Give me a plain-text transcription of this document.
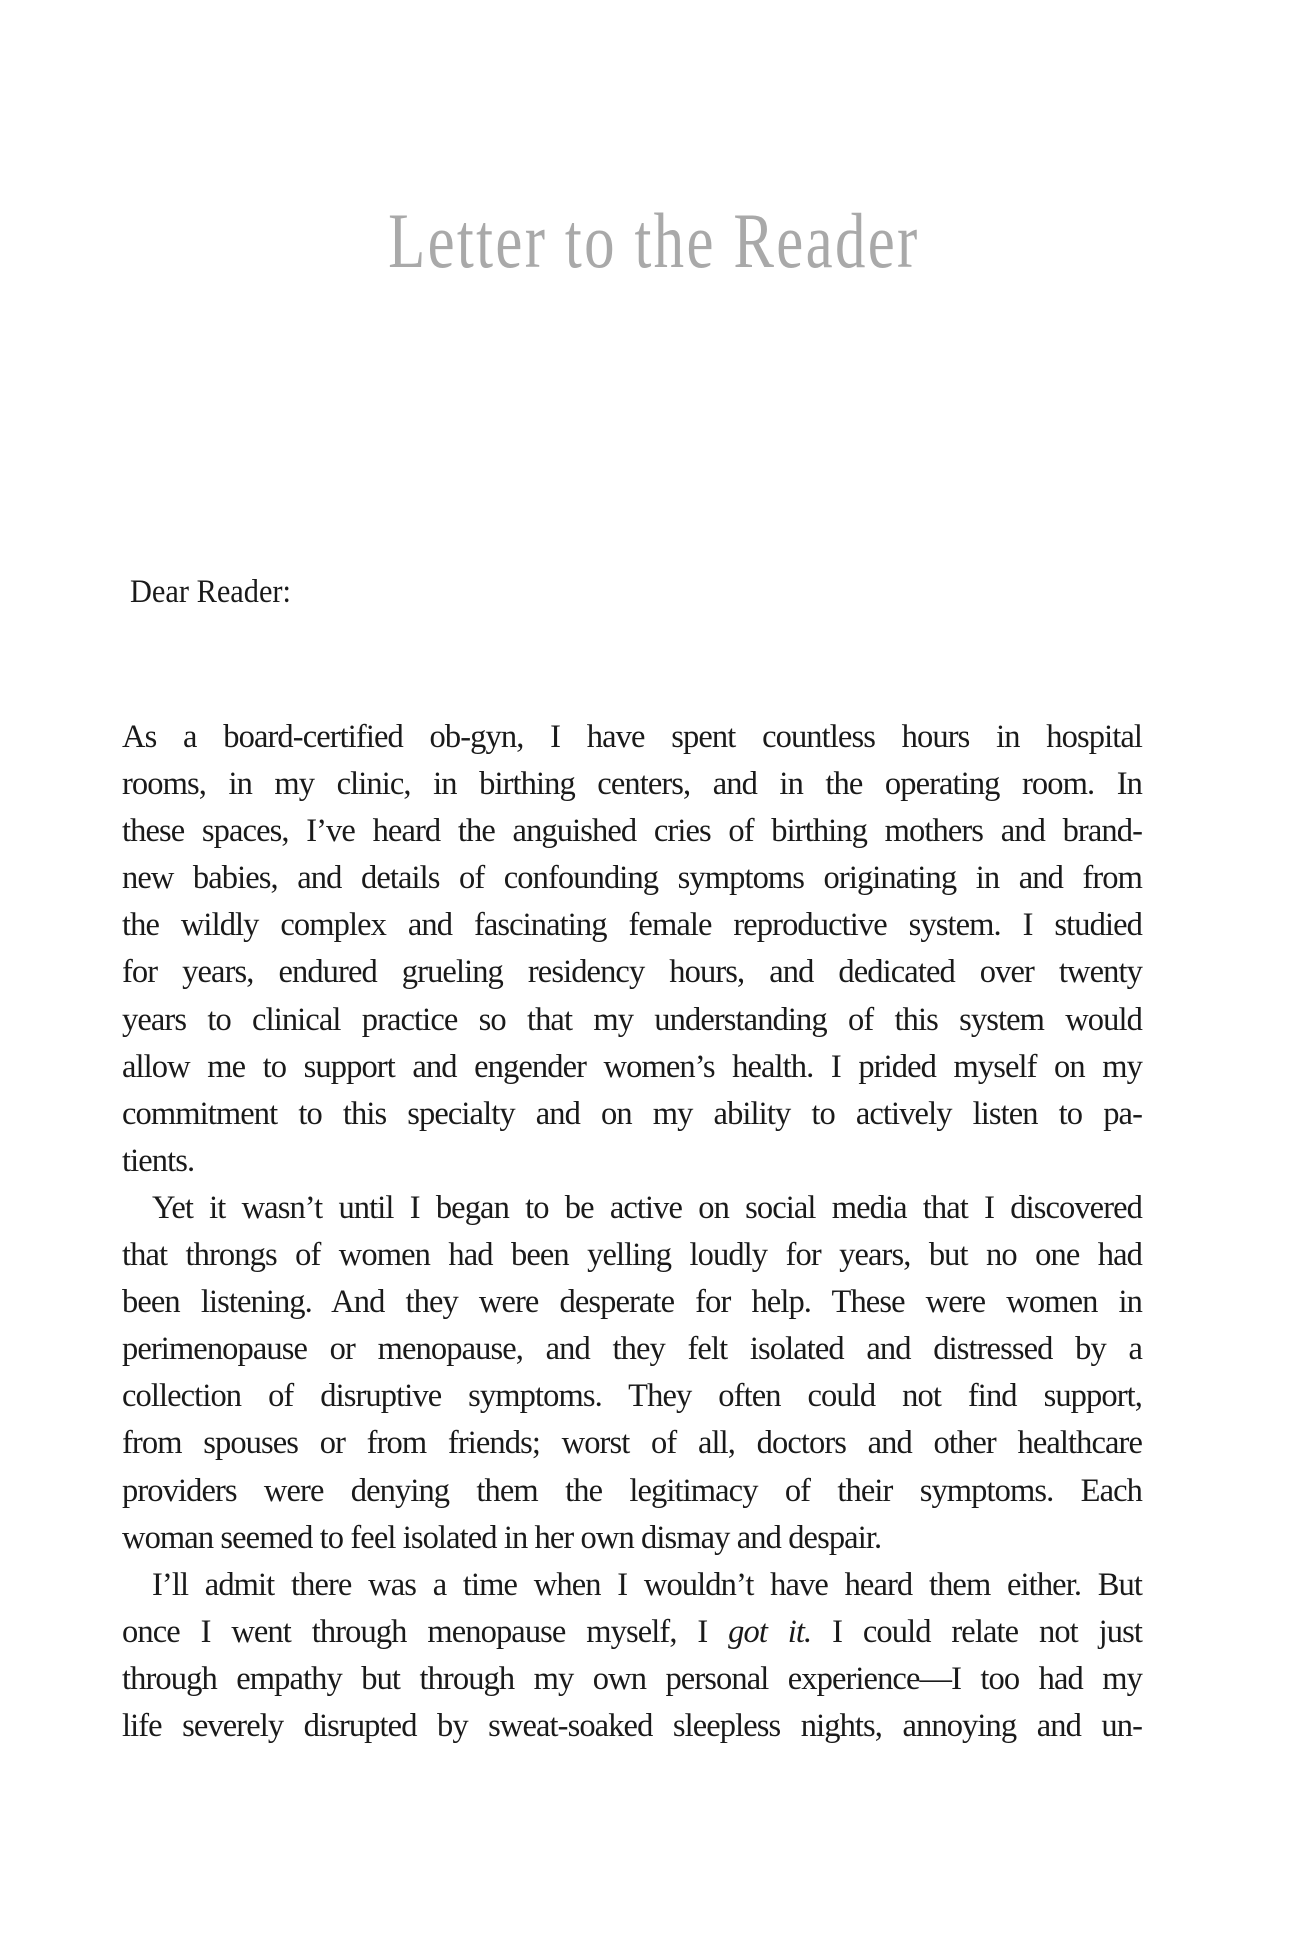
Letter to the Reader

Dear Reader:

As a board-certified ob-gyn, I have spent countless hours in hospital
rooms, in my clinic, in birthing centers, and in the operating room. In
these spaces, I’ve heard the anguished cries of birthing mothers and brand-
new babies, and details of confounding symptoms originating in and from
the wildly complex and fascinating female reproductive system. I studied
for years, endured grueling residency hours, and dedicated over twenty
years to clinical practice so that my understanding of this system would
allow me to support and engender women’s health. I prided myself on my
commitment to this specialty and on my ability to actively listen to pa-
tients.
Yet it wasn’t until I began to be active on social media that I discovered
that throngs of women had been yelling loudly for years, but no one had
been listening. And they were desperate for help. These were women in
perimenopause or menopause, and they felt isolated and distressed by a
collection of disruptive symptoms. They often could not find support,
from spouses or from friends; worst of all, doctors and other healthcare
providers were denying them the legitimacy of their symptoms. Each
woman seemed to feel isolated in her own dismay and despair.
I’ll admit there was a time when I wouldn’t have heard them either. But
once I went through menopause myself, I got it. I could relate not just
through empathy but through my own personal experience—I too had my
life severely disrupted by sweat-soaked sleepless nights, annoying and un-
